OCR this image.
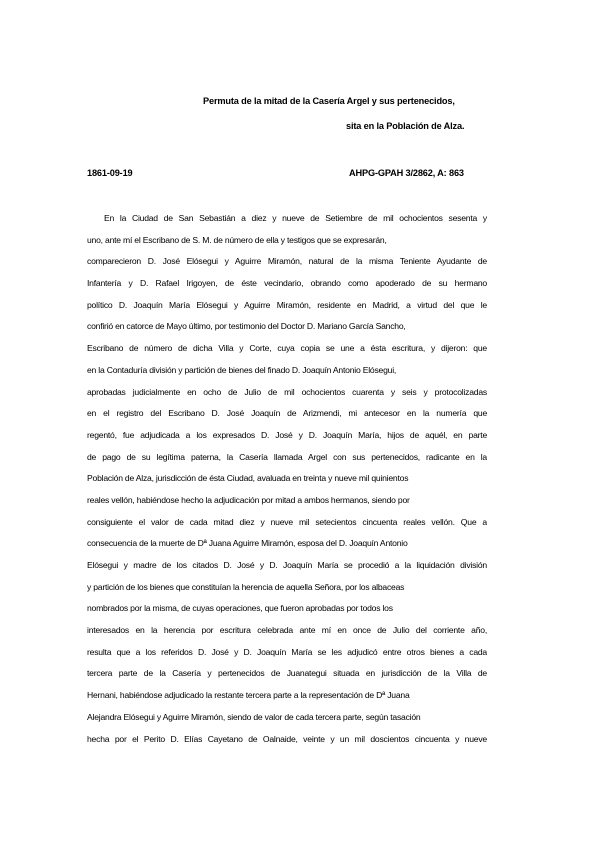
Permuta de la mitad de la Casería Argel y sus pertenecidos,
sita en la Población de Alza.
1861-09-19	AHPG-GPAH 3/2862, A: 863
En la Ciudad de San Sebastián a diez y nueve de Setiembre de mil ochocientos sesenta y
uno, ante mí el Escribano de S. M. de número de ella y testigos que se expresarán,
comparecieron D. José Elósegui y Aguirre Miramón, natural de la misma Teniente Ayudante de
Infantería y D. Rafael Irigoyen, de éste vecindario, obrando como apoderado de su hermano
político D. Joaquín María Elósegui y Aguirre Miramón, residente en Madrid, a virtud del que le
confirió en catorce de Mayo último, por testimonio del Doctor D. Mariano García Sancho,
Escribano de número de dicha Villa y Corte, cuya copia se une a ésta escritura, y dijeron: que
en la Contaduría división y partición de bienes del finado D. Joaquín Antonio Elósegui,
aprobadas judicialmente en ocho de Julio de mil ochocientos cuarenta y seis y protocolizadas
en el registro del Escribano D. José Joaquín de Arizmendi, mi antecesor en la numería que
regentó, fue adjudicada a los expresados D. José y D. Joaquín María, hijos de aquél, en parte
de pago de su legítima paterna, la Casería llamada Argel con sus pertenecidos, radicante en la
Población de Alza, jurisdicción de ésta Ciudad, avaluada en treinta y nueve mil quinientos
reales vellón, habiéndose hecho la adjudicación por mitad a ambos hermanos, siendo por
consiguiente el valor de cada mitad diez y nueve mil setecientos cincuenta reales vellón. Que a
consecuencia de la muerte de Dª Juana Aguirre Miramón, esposa del D. Joaquín Antonio
Elósegui y madre de los citados D. José y D. Joaquín María se procedió a la liquidación división
y partición de los bienes que constituían la herencia de aquella Señora, por los albaceas
nombrados por la misma, de cuyas operaciones, que fueron aprobadas por todos los
interesados en la herencia por escritura celebrada ante mí en once de Julio del corriente año,
resulta que a los referidos D. José y D. Joaquín María se les adjudicó entre otros bienes a cada
tercera parte de la Casería y pertenecidos de Juanategui situada en jurisdicción de la Villa de
Hernani, habiéndose adjudicado la restante tercera parte a la representación de Dª Juana
Alejandra Elósegui y Aguirre Miramón, siendo de valor de cada tercera parte, según tasación
hecha por el Perito D. Elías Cayetano de Oalnaide, veinte y un mil doscientos cincuenta y nueve
